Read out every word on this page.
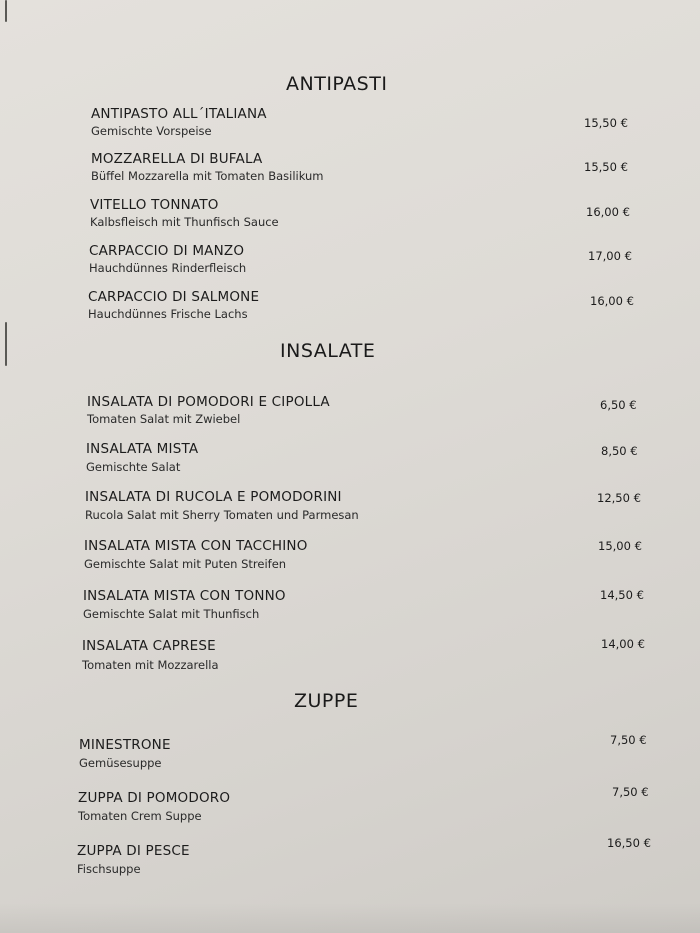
ANTIPASTI
ANTIPASTO ALL´ITALIANA
Gemischte Vorspeise
15,50 €
MOZZARELLA DI BUFALA
Büffel Mozzarella mit Tomaten Basilikum
15,50 €
VITELLO TONNATO
Kalbsfleisch mit Thunfisch Sauce
16,00 €
CARPACCIO DI MANZO
Hauchdünnes Rinderfleisch
17,00 €
CARPACCIO DI SALMONE
Hauchdünnes Frische Lachs
16,00 €
INSALATE
INSALATA DI POMODORI E CIPOLLA
Tomaten Salat mit Zwiebel
6,50 €
INSALATA MISTA
Gemischte Salat
8,50 €
INSALATA DI RUCOLA E POMODORINI
Rucola Salat mit Sherry Tomaten und Parmesan
12,50 €
INSALATA MISTA CON TACCHINO
Gemischte Salat mit Puten Streifen
15,00 €
INSALATA MISTA CON TONNO
Gemischte Salat mit Thunfisch
14,50 €
INSALATA CAPRESE
Tomaten mit Mozzarella
14,00 €
ZUPPE
MINESTRONE
Gemüsesuppe
7,50 €
ZUPPA DI POMODORO
Tomaten Crem Suppe
7,50 €
ZUPPA DI PESCE
Fischsuppe
16,50 €
